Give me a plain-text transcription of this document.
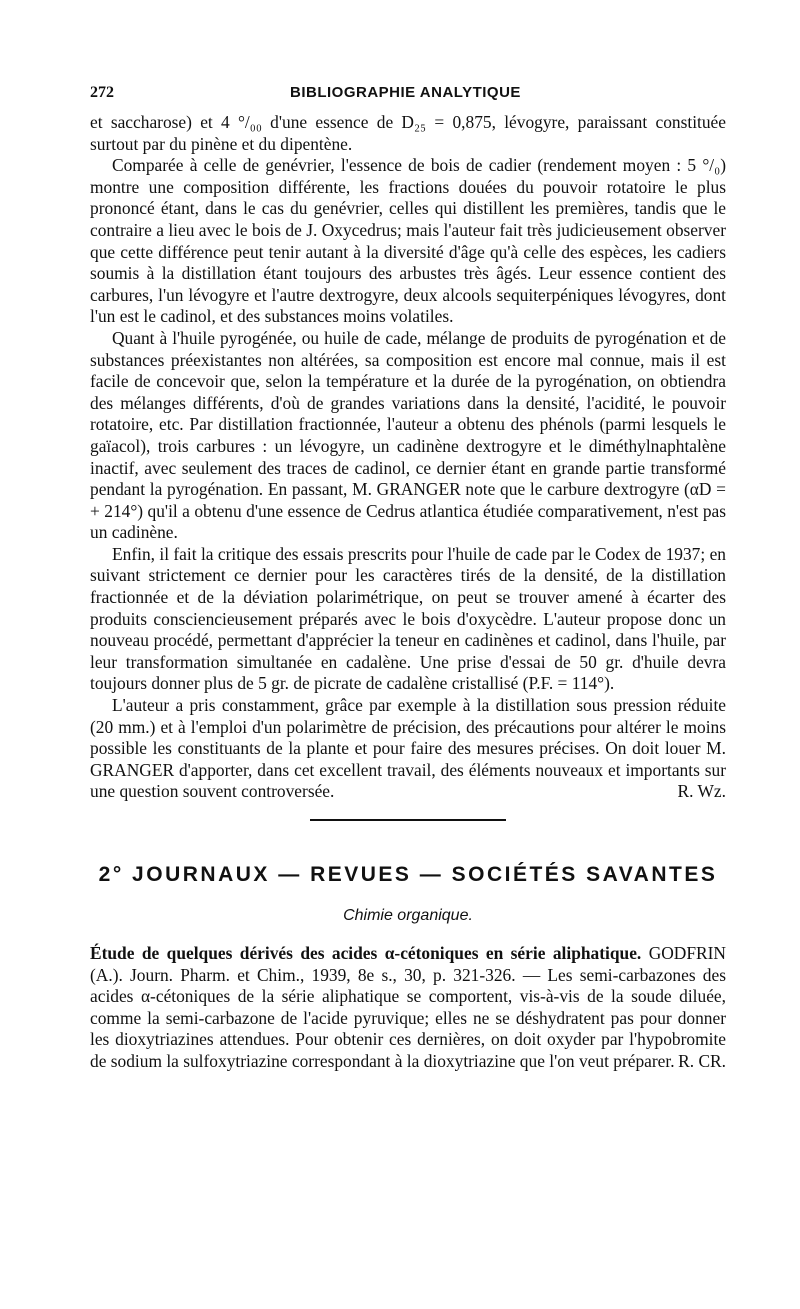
272	BIBLIOGRAPHIE ANALYTIQUE

et saccharose) et 4 °/₀₀ d'une essence de D₂₅ = 0,875, lévogyre, paraissant constituée surtout par du pinène et du dipentène.

Comparée à celle de genévrier, l'essence de bois de cadier (rendement moyen : 5 °/₀) montre une composition différente, les fractions douées du pouvoir rotatoire le plus prononcé étant, dans le cas du genévrier, celles qui distillent les premières, tandis que le contraire a lieu avec le bois de J. Oxycedrus; mais l'auteur fait très judicieusement observer que cette différence peut tenir autant à la diversité d'âge qu'à celle des espèces, les cadiers soumis à la distillation étant toujours des arbustes très âgés. Leur essence contient des carbures, l'un lévogyre et l'autre dextrogyre, deux alcools sequiterpéniques lévogyres, dont l'un est le cadinol, et des substances moins volatiles.

Quant à l'huile pyrogénée, ou huile de cade, mélange de produits de pyrogénation et de substances préexistantes non altérées, sa composition est encore mal connue, mais il est facile de concevoir que, selon la température et la durée de la pyrogénation, on obtiendra des mélanges différents, d'où de grandes variations dans la densité, l'acidité, le pouvoir rotatoire, etc. Par distillation fractionnée, l'auteur a obtenu des phénols (parmi lesquels le gaïacol), trois carbures : un lévogyre, un cadinène dextrogyre et le diméthylnaphtalène inactif, avec seulement des traces de cadinol, ce dernier étant en grande partie transformé pendant la pyrogénation. En passant, M. GRANGER note que le carbure dextrogyre (αD = + 214°) qu'il a obtenu d'une essence de Cedrus atlantica étudiée comparativement, n'est pas un cadinène.

Enfin, il fait la critique des essais prescrits pour l'huile de cade par le Codex de 1937; en suivant strictement ce dernier pour les caractères tirés de la densité, de la distillation fractionnée et de la déviation polarimétrique, on peut se trouver amené à écarter des produits consciencieusement préparés avec le bois d'oxycèdre. L'auteur propose donc un nouveau procédé, permettant d'apprécier la teneur en cadinènes et cadinol, dans l'huile, par leur transformation simultanée en cadalène. Une prise d'essai de 50 gr. d'huile devra toujours donner plus de 5 gr. de picrate de cadalène cristallisé (P.F. = 114°).

L'auteur a pris constamment, grâce par exemple à la distillation sous pression réduite (20 mm.) et à l'emploi d'un polarimètre de précision, des précautions pour altérer le moins possible les constituants de la plante et pour faire des mesures précises. On doit louer M. GRANGER d'apporter, dans cet excellent travail, des éléments nouveaux et importants sur une question souvent controversée.	R. Wz.

2° JOURNAUX — REVUES — SOCIÉTÉS SAVANTES
Chimie organique.

Étude de quelques dérivés des acides α-cétoniques en série aliphatique. GODFRIN (A.). Journ. Pharm. et Chim., 1939, 8e s., 30, p. 321-326. — Les semi-carbazones des acides α-cétoniques de la série aliphatique se comportent, vis-à-vis de la soude diluée, comme la semi-carbazone de l'acide pyruvique; elles ne se déshydratent pas pour donner les dioxytriazines attendues. Pour obtenir ces dernières, on doit oxyder par l'hypobromite de sodium la sulfoxytriazine correspondant à la dioxytriazine que l'on veut préparer. R. CR.
